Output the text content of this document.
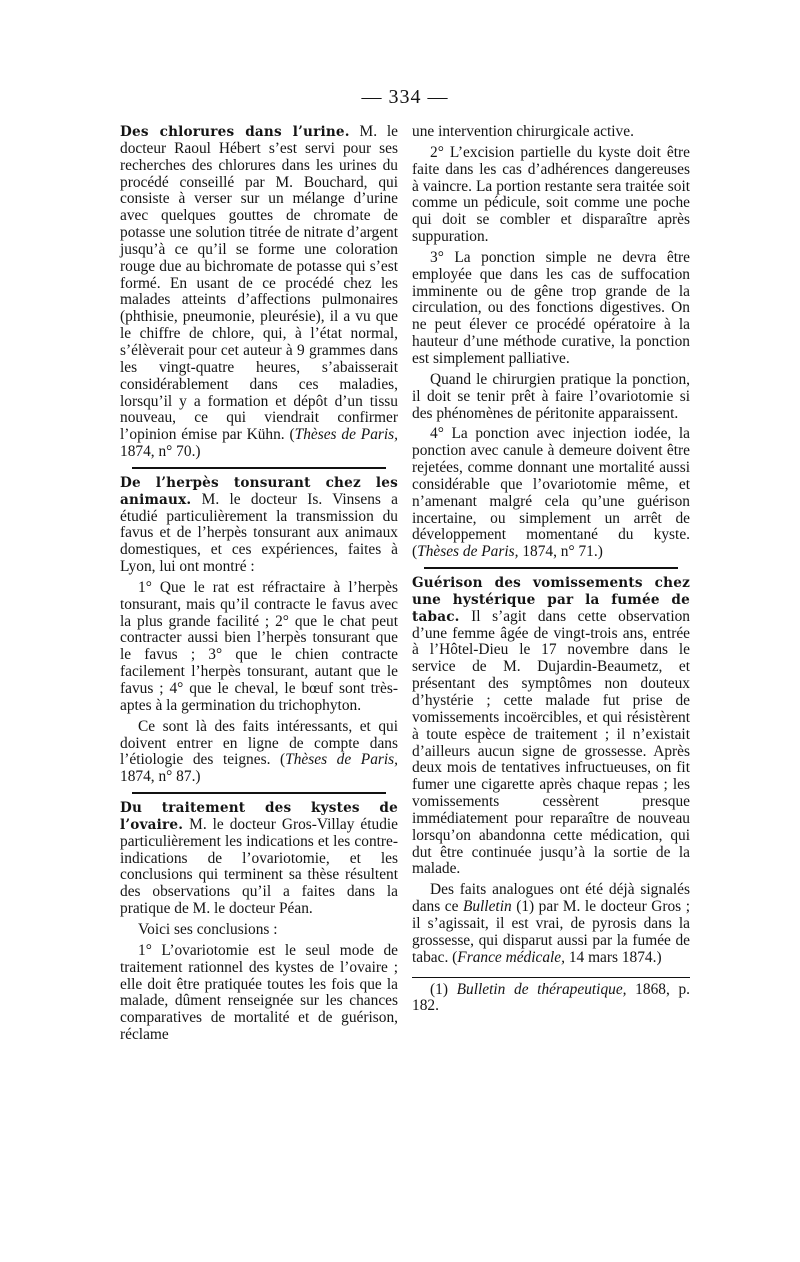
— 334 —

Des chlorures dans l’urine. M. le docteur Raoul Hébert s’est servi pour ses recherches des chlorures dans les urines du procédé conseillé par M. Bouchard, qui consiste à verser sur un mélange d’urine avec quelques gouttes de chromate de potasse une solution titrée de nitrate d’argent jusqu’à ce qu’il se forme une coloration rouge due au bichromate de potasse qui s’est formé. En usant de ce procédé chez les malades atteints d’affections pulmonaires (phthisie, pneumonie, pleurésie), il a vu que le chiffre de chlore, qui, à l’état normal, s’élèverait pour cet auteur à 9 grammes dans les vingt-quatre heures, s’abaisserait considérablement dans ces maladies, lorsqu’il y a formation et dépôt d’un tissu nouveau, ce qui viendrait confirmer l’opinion émise par Kühn. (Thèses de Paris, 1874, n° 70.)

De l’herpès tonsurant chez les animaux. M. le docteur Is. Vinsens a étudié particulièrement la transmission du favus et de l’herpès tonsurant aux animaux domestiques, et ces expériences, faites à Lyon, lui ont montré :

1° Que le rat est réfractaire à l’herpès tonsurant, mais qu’il contracte le favus avec la plus grande facilité ; 2° que le chat peut contracter aussi bien l’herpès tonsurant que le favus ; 3° que le chien contracte facilement l’herpès tonsurant, autant que le favus ; 4° que le cheval, le bœuf sont très-aptes à la germination du trichophyton.

Ce sont là des faits intéressants, et qui doivent entrer en ligne de compte dans l’étiologie des teignes. (Thèses de Paris, 1874, n° 87.)

Du traitement des kystes de l’ovaire. M. le docteur Gros-Villay étudie particulièrement les indications et les contre-indications de l’ovariotomie, et les conclusions qui terminent sa thèse résultent des observations qu’il a faites dans la pratique de M. le docteur Péan.

Voici ses conclusions :

1° L’ovariotomie est le seul mode de traitement rationnel des kystes de l’ovaire ; elle doit être pratiquée toutes les fois que la malade, dûment renseignée sur les chances comparatives de mortalité et de guérison, réclame

une intervention chirurgicale active.

2° L’excision partielle du kyste doit être faite dans les cas d’adhérences dangereuses à vaincre. La portion restante sera traitée soit comme un pédicule, soit comme une poche qui doit se combler et disparaître après suppuration.

3° La ponction simple ne devra être employée que dans les cas de suffocation imminente ou de gêne trop grande de la circulation, ou des fonctions digestives. On ne peut élever ce procédé opératoire à la hauteur d’une méthode curative, la ponction est simplement palliative.

Quand le chirurgien pratique la ponction, il doit se tenir prêt à faire l’ovariotomie si des phénomènes de péritonite apparaissent.

4° La ponction avec injection iodée, la ponction avec canule à demeure doivent être rejetées, comme donnant une mortalité aussi considérable que l’ovariotomie même, et n’amenant malgré cela qu’une guérison incertaine, ou simplement un arrêt de développement momentané du kyste. (Thèses de Paris, 1874, n° 71.)

Guérison des vomissements chez une hystérique par la fumée de tabac. Il s’agit dans cette observation d’une femme âgée de vingt-trois ans, entrée à l’Hôtel-Dieu le 17 novembre dans le service de M. Dujardin-Beaumetz, et présentant des symptômes non douteux d’hystérie ; cette malade fut prise de vomissements incoërcibles, et qui résistèrent à toute espèce de traitement ; il n’existait d’ailleurs aucun signe de grossesse. Après deux mois de tentatives infructueuses, on fit fumer une cigarette après chaque repas ; les vomissements cessèrent presque immédiatement pour reparaître de nouveau lorsqu’on abandonna cette médication, qui dut être continuée jusqu’à la sortie de la malade.

Des faits analogues ont été déjà signalés dans ce Bulletin (1) par M. le docteur Gros ; il s’agissait, il est vrai, de pyrosis dans la grossesse, qui disparut aussi par la fumée de tabac. (France médicale, 14 mars 1874.)

(1) Bulletin de thérapeutique, 1868, p. 182.
